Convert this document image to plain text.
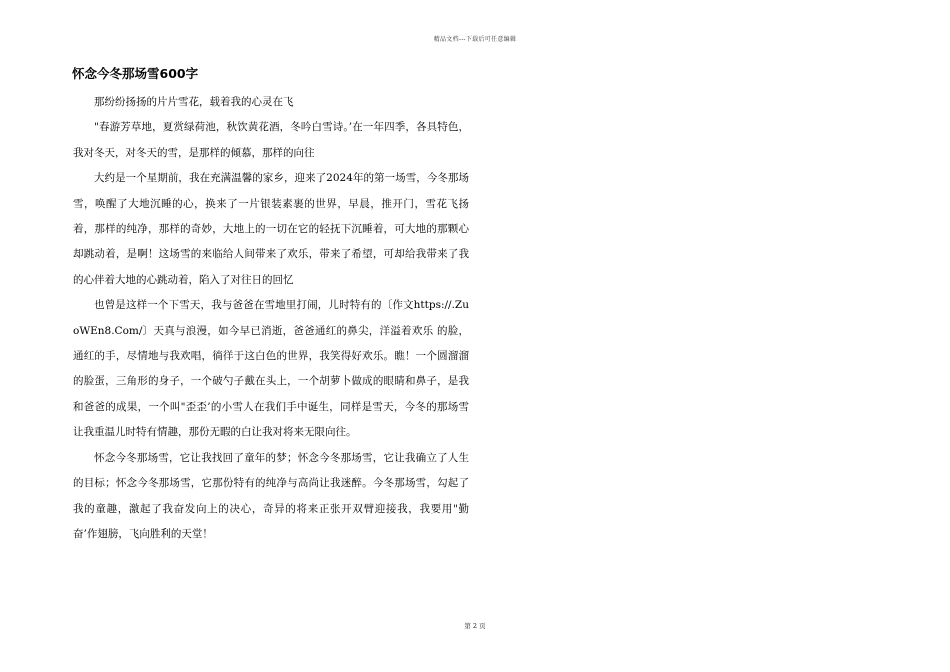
精品文档---下载后可任意编辑
怀念今冬那场雪600字

那纷纷扬扬的片片雪花，载着我的心灵在飞

"春游芳草地，夏赏绿荷池，秋饮黄花酒，冬吟白雪诗。’在一年四季，各具特色，我对冬天，对冬天的雪，是那样的倾慕，那样的向往

大约是一个星期前，我在充满温馨的家乡，迎来了2024年的第一场雪，今冬那场雪，唤醒了大地沉睡的心，换来了一片银装素裹的世界，早晨，推开门，雪花飞扬着，那样的纯净，那样的奇妙，大地上的一切在它的轻抚下沉睡着，可大地的那颗心却跳动着，是啊！这场雪的来临给人间带来了欢乐，带来了希望，可却给我带来了我的心伴着大地的心跳动着，陷入了对往日的回忆

也曾是这样一个下雪天，我与爸爸在雪地里打闹，儿时特有的〔作文https://.ZuoWEn8.Com/〕天真与浪漫，如今早已消逝，爸爸通红的鼻尖，洋溢着欢乐 的脸，通红的手，尽情地与我欢唱，徜徉于这白色的世界，我笑得好欢乐。瞧！一个圆溜溜的脸蛋，三角形的身子，一个破勺子戴在头上，一个胡萝卜做成的眼睛和鼻子，是我和爸爸的成果，一个叫"歪歪’的小雪人在我们手中诞生，同样是雪天，今冬的那场雪让我重温儿时特有情趣，那份无暇的白让我对将来无限向往。

怀念今冬那场雪，它让我找回了童年的梦；怀念今冬那场雪，它让我确立了人生的目标；怀念今冬那场雪，它那份特有的纯净与高尚让我迷醉。今冬那场雪，勾起了我的童趣，激起了我奋发向上的决心，奇异的将来正张开双臂迎接我，我要用"勤奋’作翅膀，飞向胜利的天堂！

第 2 页
